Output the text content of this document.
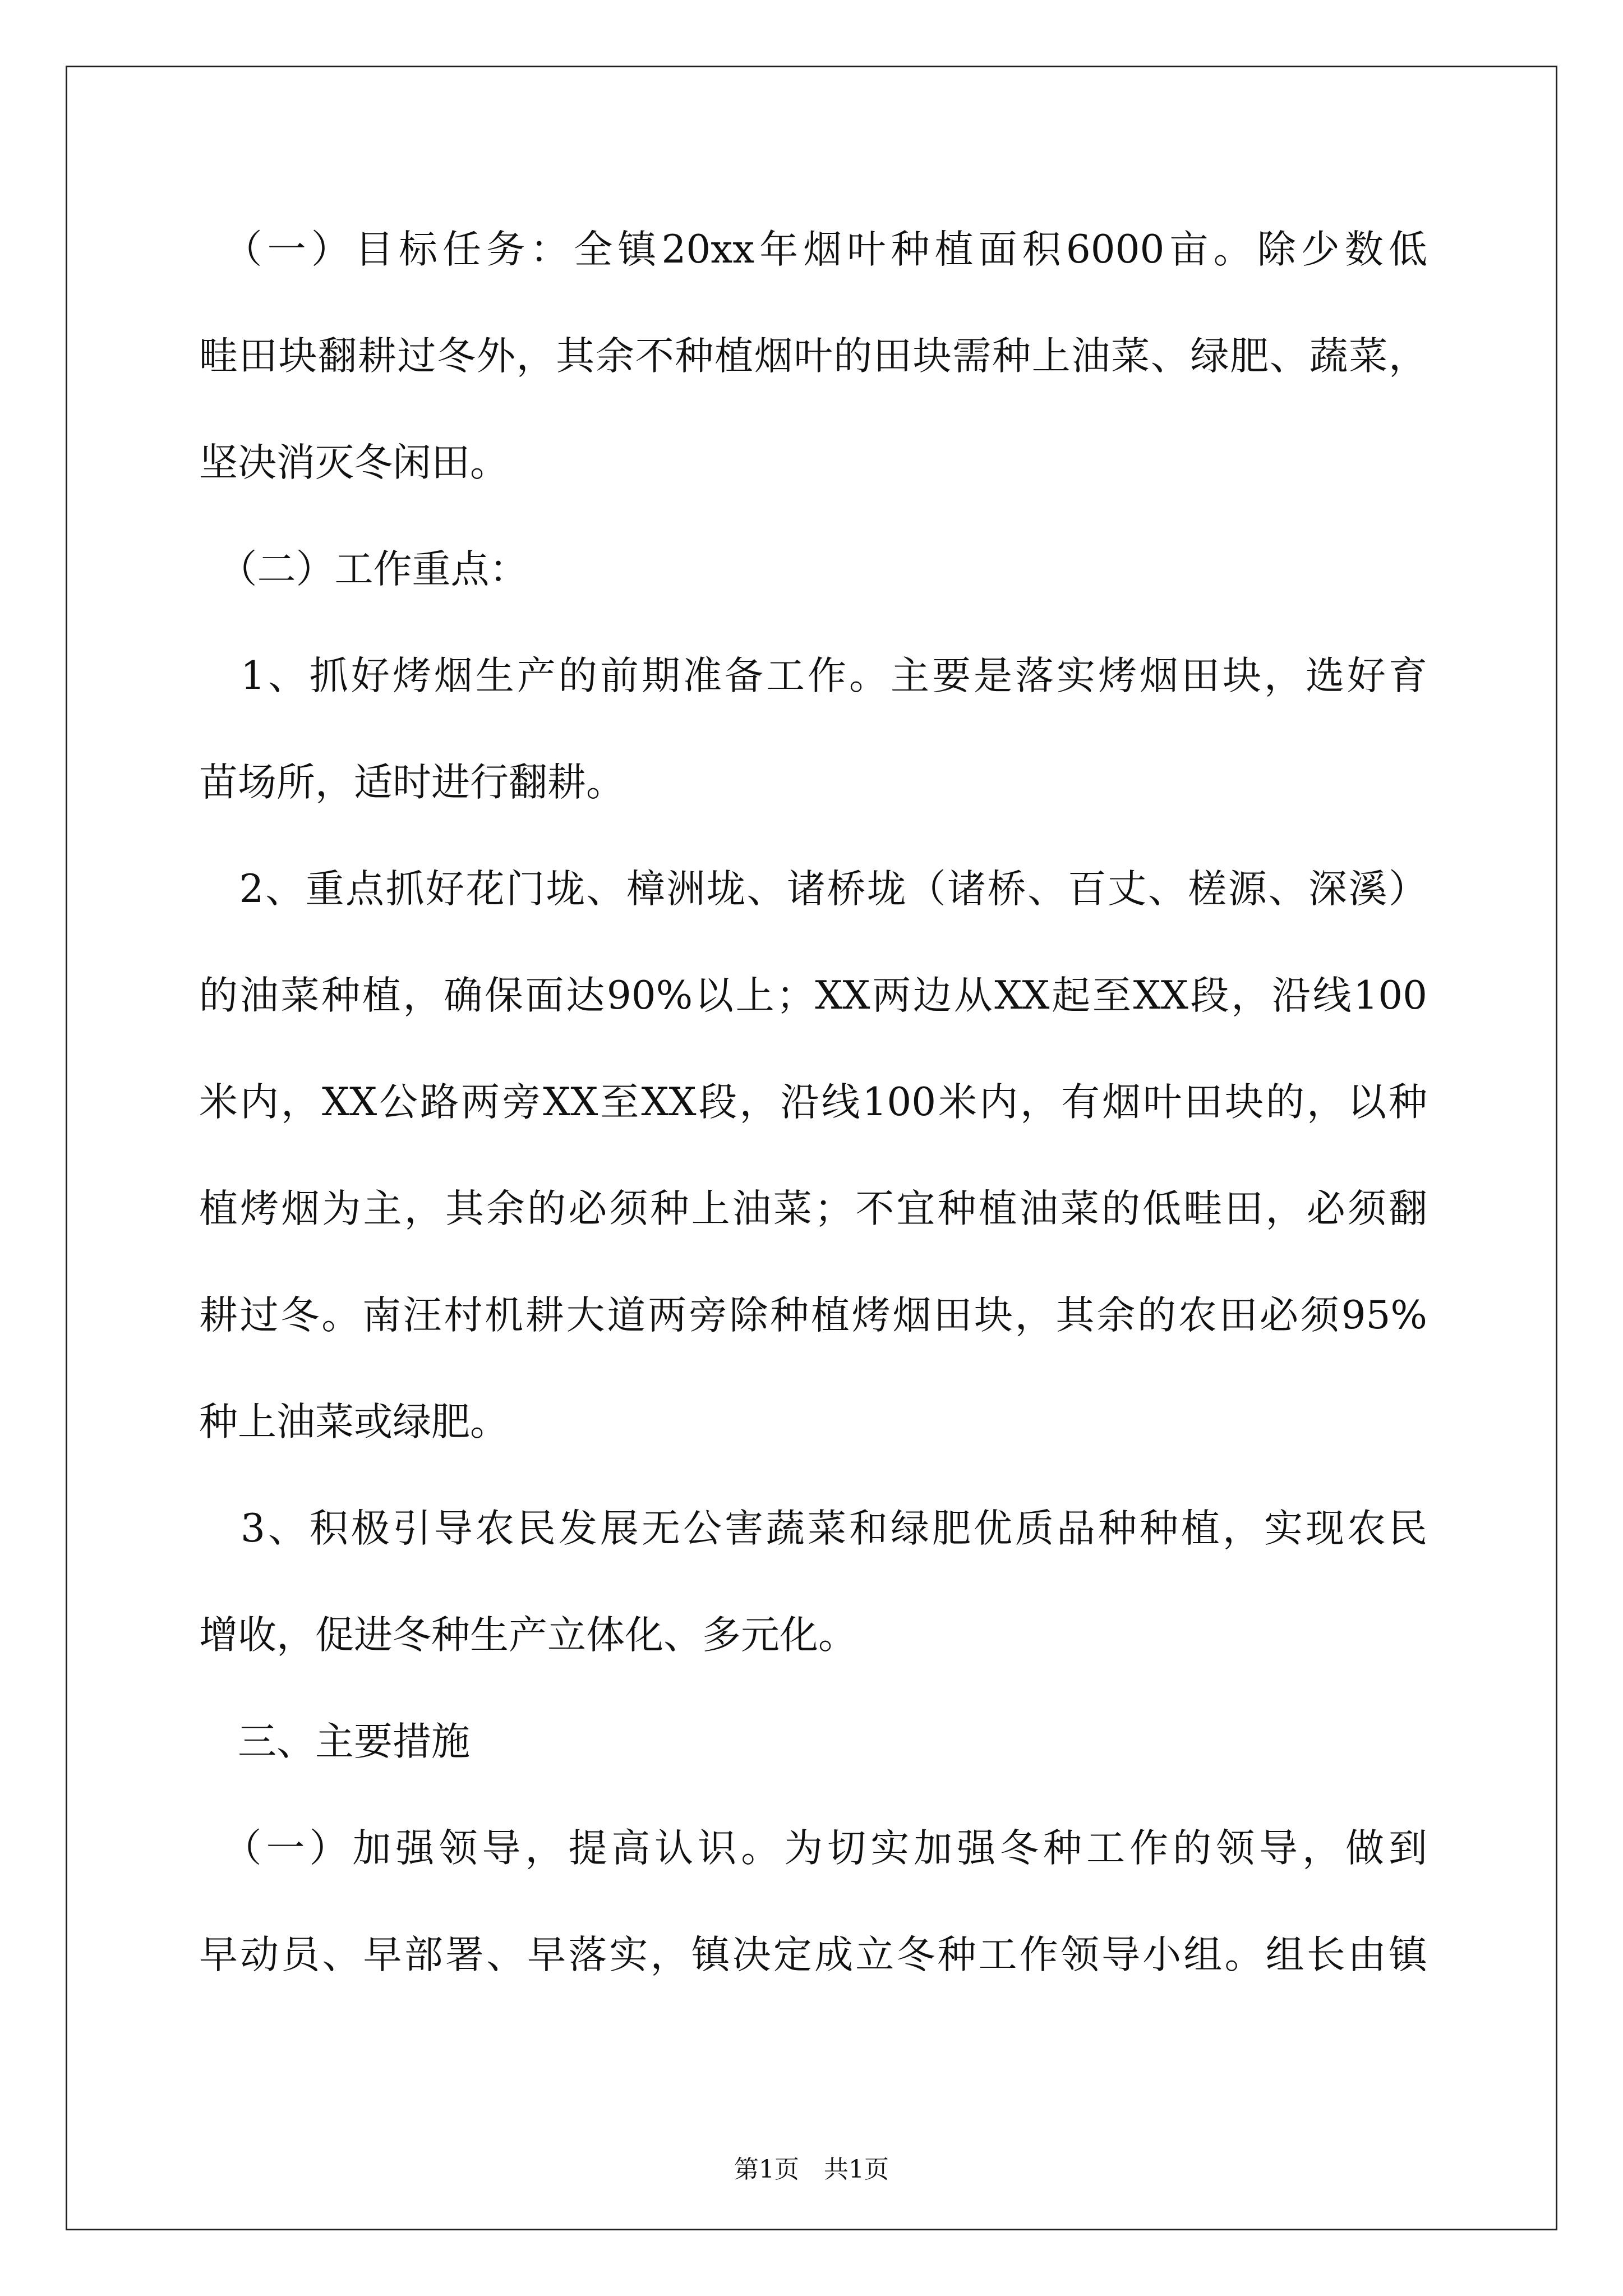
　（一）目标任务：全镇20xx年烟叶种植面积6000亩。除少数低
畦田块翻耕过冬外，其余不种植烟叶的田块需种上油菜、绿肥、蔬菜，
坚决消灭冬闲田。
　（二）工作重点：
　1、抓好烤烟生产的前期准备工作。主要是落实烤烟田块，选好育
苗场所，适时进行翻耕。
　2、重点抓好花门垅、樟洲垅、诸桥垅（诸桥、百丈、槎源、深溪）
的油菜种植，确保面达90%以上；XX两边从XX起至XX段，沿线100
米内，XX公路两旁XX至XX段，沿线100米内，有烟叶田块的，以种
植烤烟为主，其余的必须种上油菜；不宜种植油菜的低畦田，必须翻
耕过冬。南汪村机耕大道两旁除种植烤烟田块，其余的农田必须95%
种上油菜或绿肥。
　3、积极引导农民发展无公害蔬菜和绿肥优质品种种植，实现农民
增收，促进冬种生产立体化、多元化。
　三、主要措施
　（一）加强领导，提高认识。为切实加强冬种工作的领导，做到
早动员、早部署、早落实，镇决定成立冬种工作领导小组。组长由镇
第1页　共1页
